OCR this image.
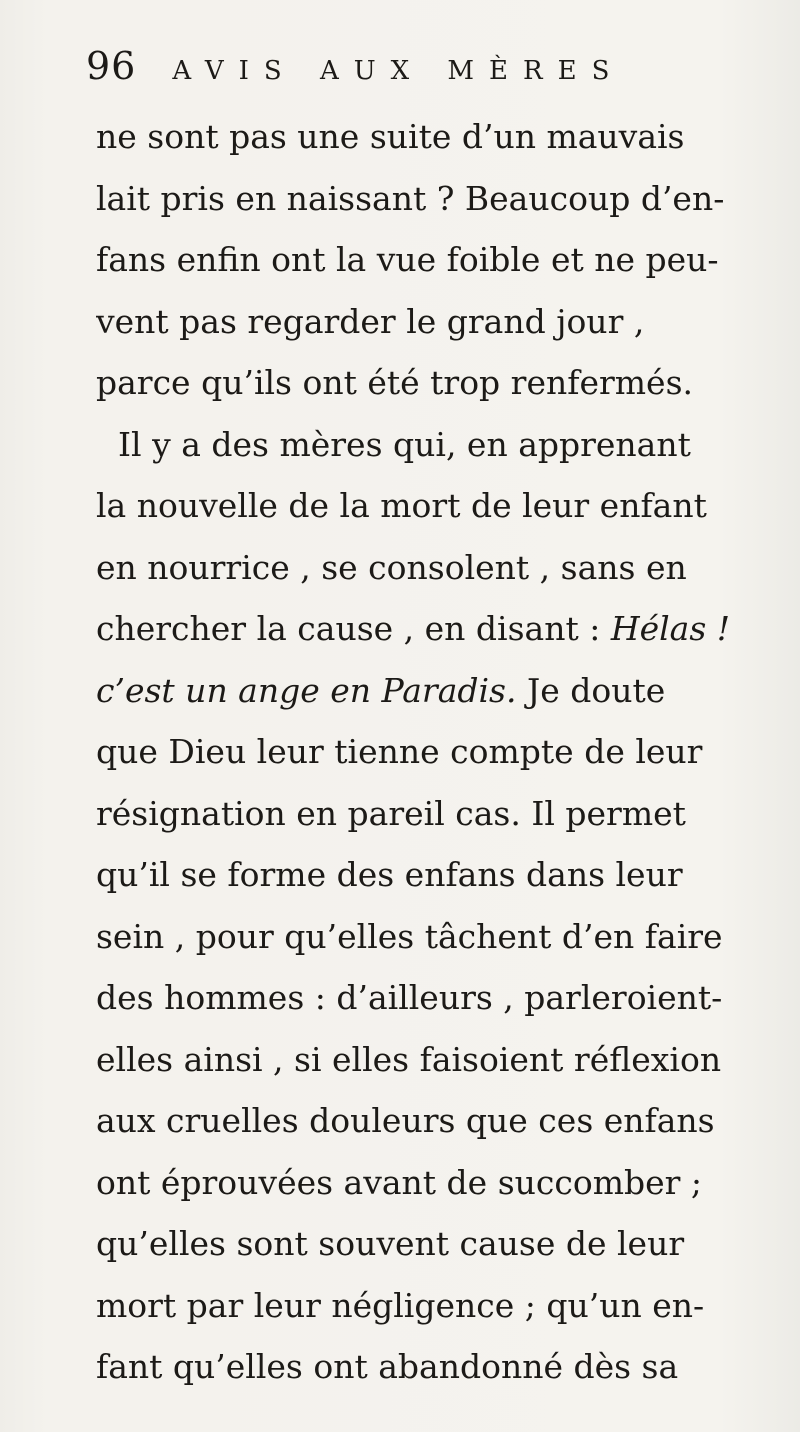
96 AVIS AUX MÈRES
ne sont pas une suite d’un mauvais
lait pris en naissant ? Beaucoup d’en-
fans enfin ont la vue foible et ne peu-
vent pas regarder le grand jour ,
parce qu’ils ont été trop renfermés.
Il y a des mères qui, en apprenant
la nouvelle de la mort de leur enfant
en nourrice , se consolent , sans en
chercher la cause , en disant : Hélas !
c’est un ange en Paradis. Je doute
que Dieu leur tienne compte de leur
résignation en pareil cas. Il permet
qu’il se forme des enfans dans leur
sein , pour qu’elles tâchent d’en faire
des hommes : d’ailleurs , parleroient-
elles ainsi , si elles faisoient réflexion
aux cruelles douleurs que ces enfans
ont éprouvées avant de succomber ;
qu’elles sont souvent cause de leur
mort par leur négligence ; qu’un en-
fant qu’elles ont abandonné dès sa
